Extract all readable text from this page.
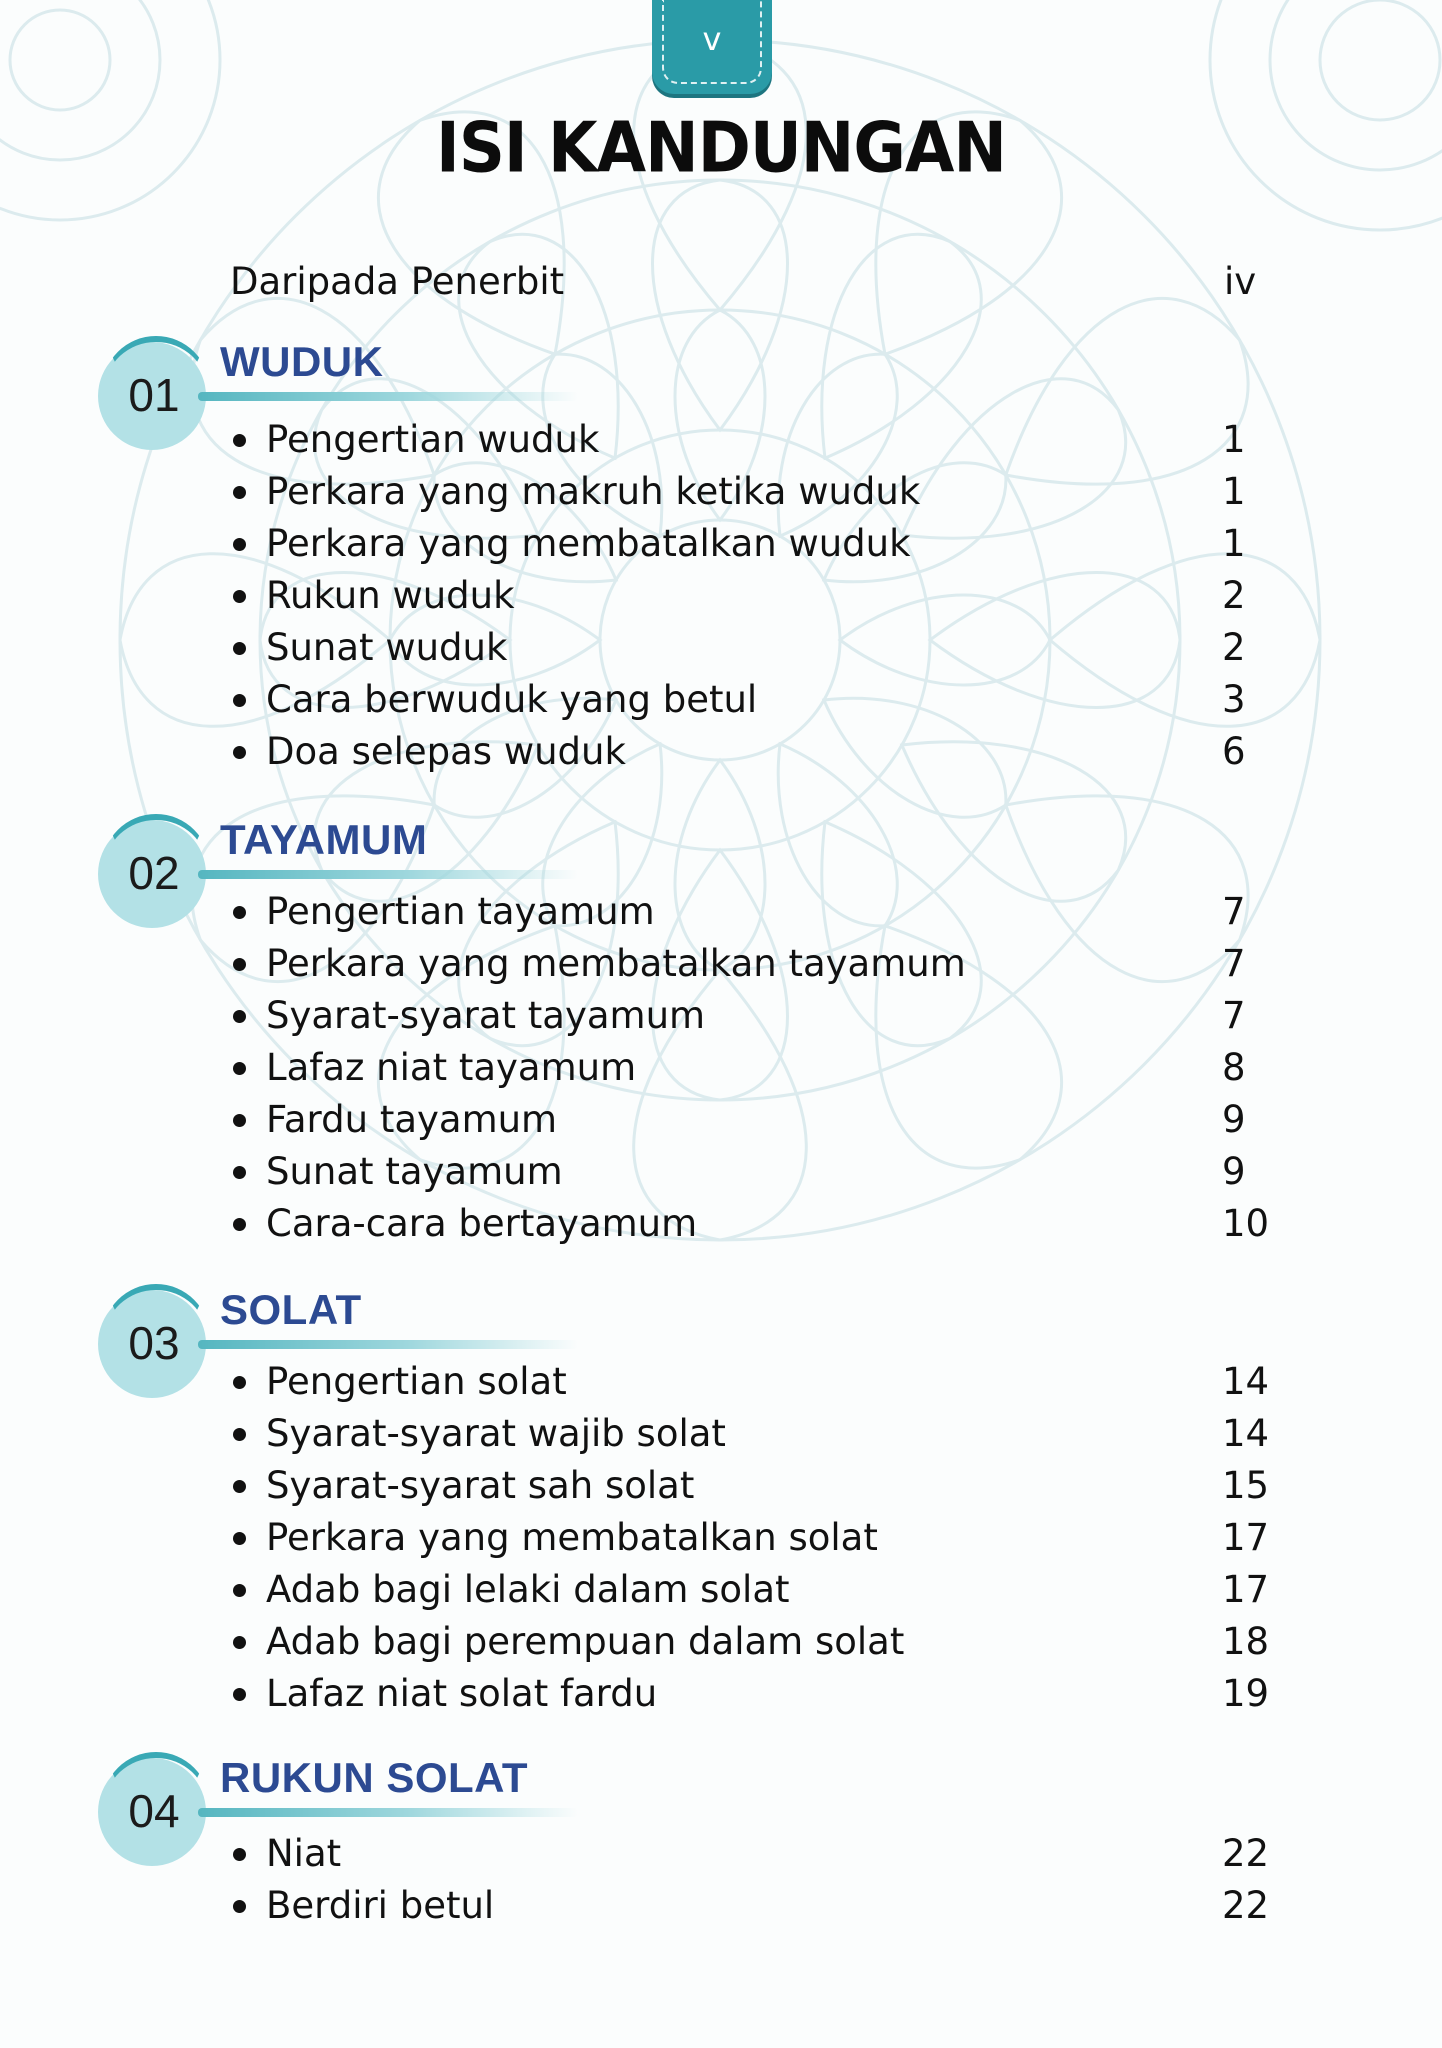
v
ISI KANDUNGAN
Daripada Penerbit	iv
01
WUDUK
Pengertian wuduk	1
Perkara yang makruh ketika wuduk	1
Perkara yang membatalkan wuduk	1
Rukun wuduk	2
Sunat wuduk	2
Cara berwuduk yang betul	3
Doa selepas wuduk	6
02
TAYAMUM
Pengertian tayamum	7
Perkara yang membatalkan tayamum	7
Syarat-syarat tayamum	7
Lafaz niat tayamum	8
Fardu tayamum	9
Sunat tayamum	9
Cara-cara bertayamum	10
03
SOLAT
Pengertian solat	14
Syarat-syarat wajib solat	14
Syarat-syarat sah solat	15
Perkara yang membatalkan solat	17
Adab bagi lelaki dalam solat	17
Adab bagi perempuan dalam solat	18
Lafaz niat solat fardu	19
04
RUKUN SOLAT
Niat	22
Berdiri betul	22
